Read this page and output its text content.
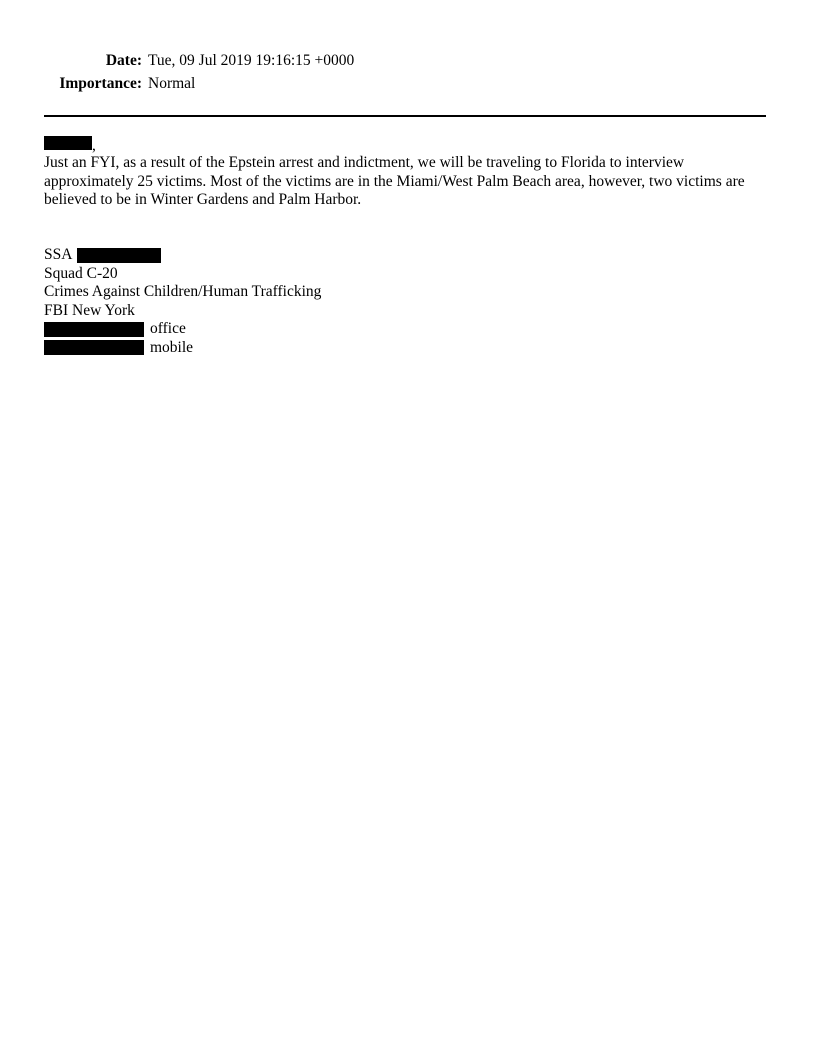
Date: Tue, 09 Jul 2019 19:16:15 +0000
Importance: Normal
,

Just an FYI, as a result of the Epstein arrest and indictment, we will be traveling to Florida to interview approximately 25 victims. Most of the victims are in the Miami/West Palm Beach area, however, two victims are believed to be in Winter Gardens and Palm Harbor.

SSA
Squad C-20
Crimes Against Children/Human Trafficking
FBI New York
office
mobile
